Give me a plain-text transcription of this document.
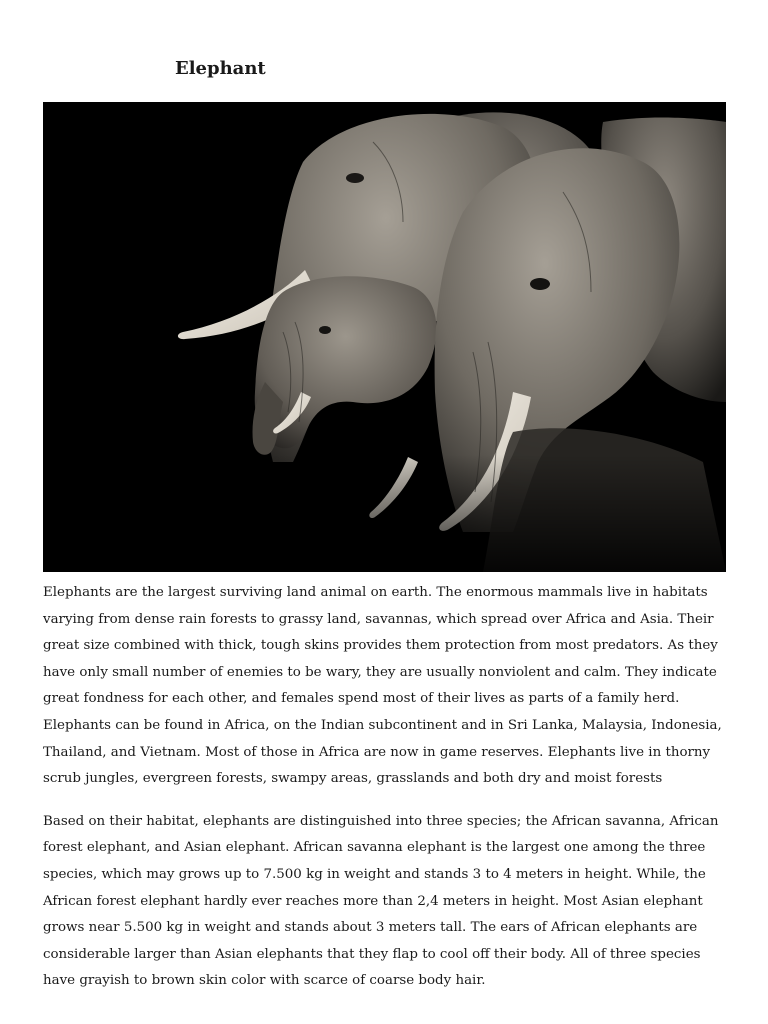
Elephant

Elephants are the largest surviving land animal on earth. The enormous mammals live in habitats varying from dense rain forests to grassy land, savannas, which spread over Africa and Asia. Their great size combined with thick, tough skins provides them protection from most predators. As they have only small number of enemies to be wary, they are usually nonviolent and calm. They indicate great fondness for each other, and females spend most of their lives as parts of a family herd.

Elephants can be found in Africa, on the Indian subcontinent and in Sri Lanka, Malaysia, Indonesia, Thailand, and Vietnam. Most of those in Africa are now in game reserves. Elephants live in thorny scrub jungles, evergreen forests, swampy areas, grasslands and both dry and moist forests

Based on their habitat, elephants are distinguished into three species; the African savanna, African forest elephant, and Asian elephant. African savanna elephant is the largest one among the three species, which may grows up to 7.500 kg in weight and stands 3 to 4 meters in height. While, the African forest elephant hardly ever reaches more than 2,4 meters in height. Most Asian elephant grows near 5.500 kg in weight and stands about 3 meters tall. The ears of African elephants are considerable larger than Asian elephants that they flap to cool off their body. All of three species have grayish to brown skin color with scarce of coarse body hair.
